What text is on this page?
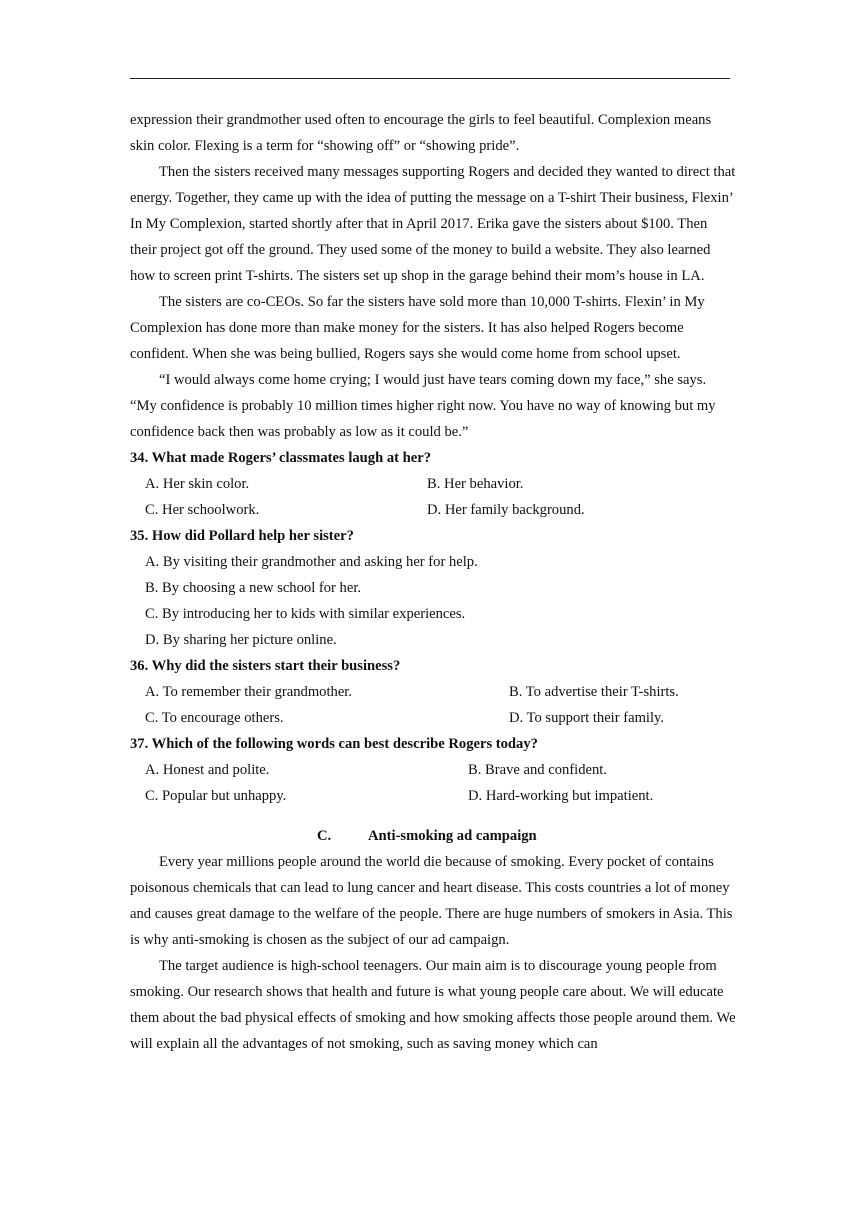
expression their grandmother used often to encourage the girls to feel beautiful. Complexion means skin color. Flexing is a term for “showing off” or “showing pride”.

Then the sisters received many messages supporting Rogers and decided they wanted to direct that energy. Together, they came up with the idea of putting the message on a T-shirt Their business, Flexin’ In My Complexion, started shortly after that in April 2017. Erika gave the sisters about $100. Then their project got off the ground. They used some of the money to build a website. They also learned how to screen print T-shirts. The sisters set up shop in the garage behind their mom’s house in LA.

The sisters are co-CEOs. So far the sisters have sold more than 10,000 T-shirts. Flexin’ in My Complexion has done more than make money for the sisters. It has also helped Rogers become confident. When she was being bullied, Rogers says she would come home from school upset.

“I would always come home crying; I would just have tears coming down my face,” she says. “My confidence is probably 10 million times higher right now. You have no way of knowing but my confidence back then was probably as low as it could be.”

34. What made Rogers’ classmates laugh at her?

A. Her skin color.	B. Her behavior.
C. Her schoolwork.	D. Her family background.

35. How did Pollard help her sister?

A. By visiting their grandmother and asking her for help.

B. By choosing a new school for her.

C. By introducing her to kids with similar experiences.

D. By sharing her picture online.

36. Why did the sisters start their business?

A. To remember their grandmother.	B. To advertise their T-shirts.
C. To encourage others.	D. To support their family.

37. Which of the following words can best describe Rogers today?

A. Honest and polite.	B. Brave and confident.
C. Popular but unhappy.	D. Hard-working but impatient.
C.	Anti-smoking ad campaign

Every year millions people around the world die because of smoking. Every pocket of contains poisonous chemicals that can lead to lung cancer and heart disease. This costs countries a lot of money and causes great damage to the welfare of the people. There are huge numbers of smokers in Asia. This is why anti-smoking is chosen as the subject of our ad campaign.

The target audience is high-school teenagers. Our main aim is to discourage young people from smoking. Our research shows that health and future is what young people care about. We will educate them about the bad physical effects of smoking and how smoking affects those people around them. We will explain all the advantages of not smoking, such as saving money which can
